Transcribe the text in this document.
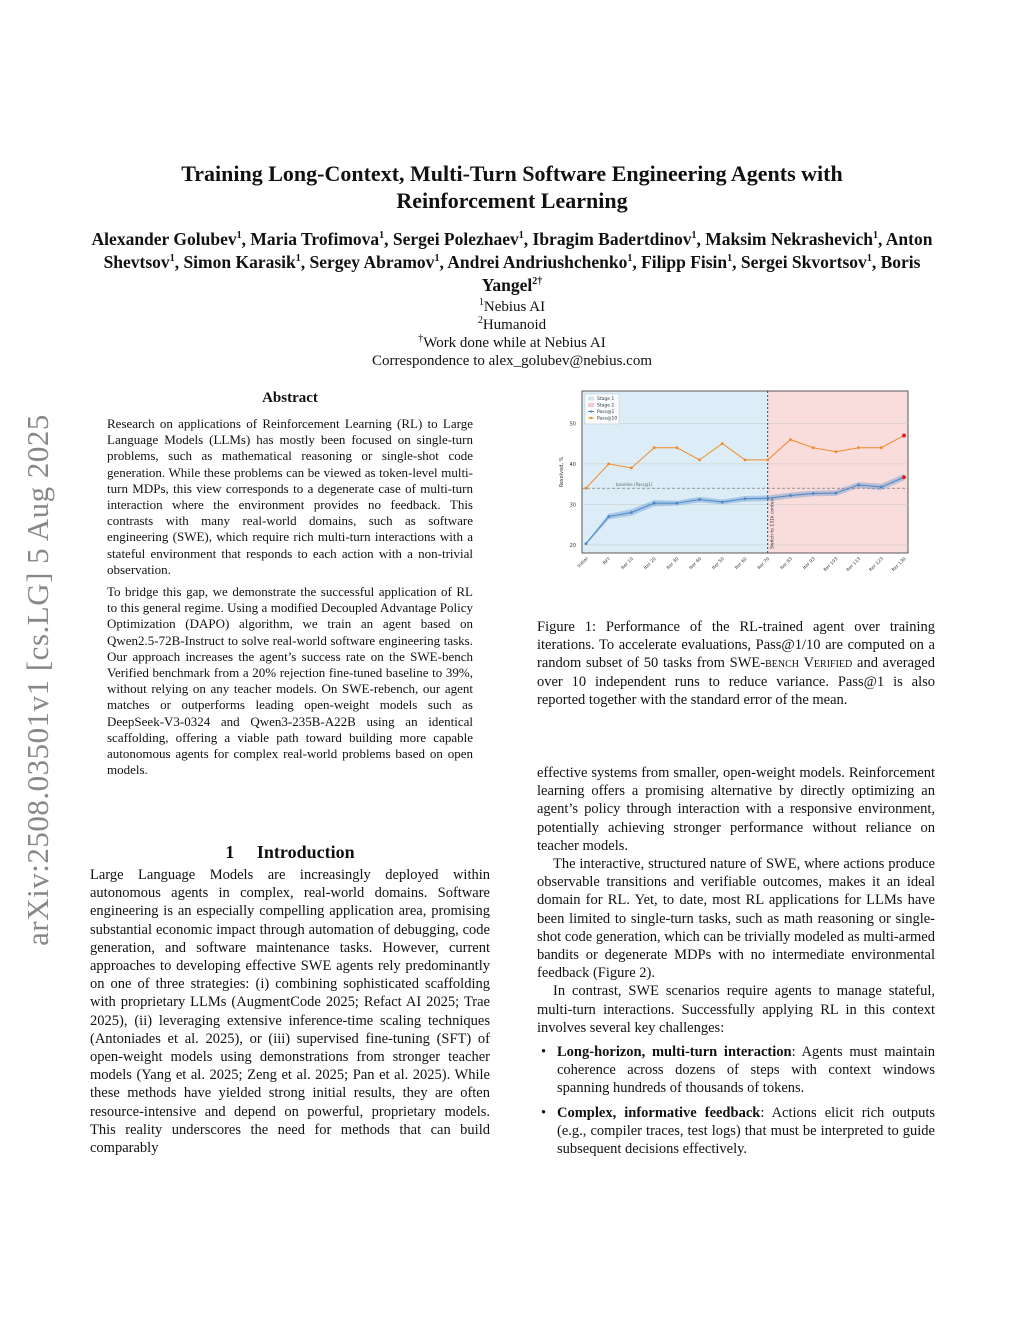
arXiv:2508.03501v1 [cs.LG] 5 Aug 2025
Training Long-Context, Multi-Turn Software Engineering Agents with
Reinforcement Learning
Alexander Golubev$^1$, Maria Trofimova$^1$, Sergei Polezhaev$^1$, Ibragim Badertdinov$^1$, Maksim Nekrashevich$^1$, Anton Shevtsov$^1$, Simon Karasik$^1$, Sergey Abramov$^1$, Andrei Andriushchenko$^1$, Filipp Fisin$^1$, Sergei Skvortsov$^1$, Boris Yangel$^{2\dagger}$
$^1$Nebius AI
$^2$Humanoid
†Work done while at Nebius AI
Correspondence to alex_golubev@nebius.com
Abstract

Research on applications of Reinforcement Learning (RL) to Large Language Models (LLMs) has mostly been focused on single-turn problems, such as mathematical reasoning or single-shot code generation. While these problems can be viewed as token-level multi-turn MDPs, this view corresponds to a degenerate case of multi-turn interaction where the environment provides no feedback. This contrasts with many real-world domains, such as software engineering (SWE), which require rich multi-turn interactions with a stateful environment that responds to each action with a non-trivial observation.

To bridge this gap, we demonstrate the successful application of RL to this general regime. Using a modified Decoupled Advantage Policy Optimization (DAPO) algorithm, we train an agent based on Qwen2.5-72B-Instruct to solve real-world software engineering tasks. Our approach increases the agent’s success rate on the SWE-bench Verified benchmark from a 20% rejection fine-tuned baseline to 39%, without relying on any teacher models. On SWE-rebench, our agent matches or outperforms leading open-weight models such as DeepSeek-V3-0324 and Qwen3-235B-A22B using an identical scaffolding, offering a viable path toward building more capable autonomous agents for complex real-world problems based on open models.

1     Introduction

Large Language Models are increasingly deployed within autonomous agents in complex, real-world domains. Software engineering is an especially compelling application area, promising substantial economic impact through automation of debugging, code generation, and software maintenance tasks. However, current approaches to developing effective SWE agents rely predominantly on one of three strategies: (i) combining sophisticated scaffolding with proprietary LLMs (AugmentCode 2025; Refact AI 2025; Trae 2025), (ii) leveraging extensive inference-time scaling techniques (Antoniades et al. 2025), or (iii) supervised fine-tuning (SFT) of open-weight models using demonstrations from stronger teacher models (Yang et al. 2025; Zeng et al. 2025; Pan et al. 2025). While these methods have yielded strong initial results, they are often resource-intensive and depend on powerful, proprietary models. This reality underscores the need for methods that can build comparably

20
30
40
50
Resolved, %	baseline (Pass@1)
Switch to 131k context
Initial	RFT Iter 10 Iter 20 Iter 30 Iter 40 Iter 50 Iter 60 Iter 70 Iter 83 Iter 93 Iter 103 Iter 113 Iter 123 Iter 130
Stage 1
Stage 2
Pass@1
Pass@10
Figure 1: Performance of the RL-trained agent over training iterations. To accelerate evaluations, Pass@1/10 are computed on a random subset of 50 tasks from SWE-bench Verified and averaged over 10 independent runs to reduce variance. Pass@1 is also reported together with the standard error of the mean.

effective systems from smaller, open-weight models. Reinforcement learning offers a promising alternative by directly optimizing an agent’s policy through interaction with a responsive environment, potentially achieving stronger performance without reliance on teacher models.

The interactive, structured nature of SWE, where actions produce observable transitions and verifiable outcomes, makes it an ideal domain for RL. Yet, to date, most RL applications for LLMs have been limited to single-turn tasks, such as math reasoning or single-shot code generation, which can be trivially modeled as multi-armed bandits or degenerate MDPs with no intermediate environmental feedback (Figure 2).

In contrast, SWE scenarios require agents to manage stateful, multi-turn interactions. Successfully applying RL in this context involves several key challenges:

• Long-horizon, multi-turn interaction: Agents must maintain coherence across dozens of steps with context windows spanning hundreds of thousands of tokens.
• Complex, informative feedback: Actions elicit rich outputs (e.g., compiler traces, test logs) that must be interpreted to guide subsequent decisions effectively.
